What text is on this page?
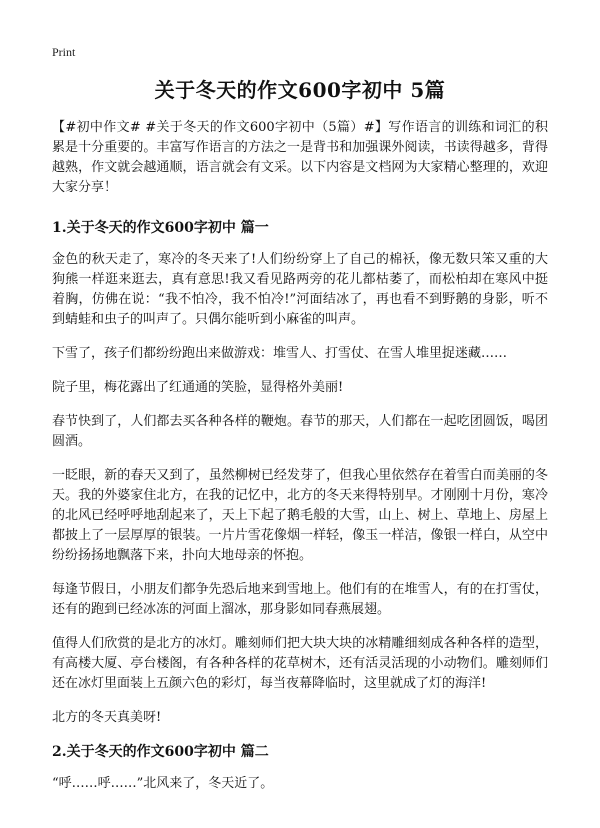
Print
关于冬天的作文600字初中 5篇

【#初中作文# #关于冬天的作文600字初中（5篇）#】写作语言的训练和词汇的积累是十分重要的。丰富写作语言的方法之一是背书和加强课外阅读，书读得越多，背得越熟，作文就会越通顺，语言就会有文采。以下内容是文档网为大家精心整理的，欢迎大家分享！

1.关于冬天的作文600字初中 篇一

金色的秋天走了，寒冷的冬天来了!人们纷纷穿上了自己的棉袄，像无数只笨又重的大狗熊一样逛来逛去，真有意思!我又看见路两旁的花儿都枯萎了，而松柏却在寒风中挺着胸，仿佛在说：“我不怕冷，我不怕冷!”河面结冰了，再也看不到野鹅的身影，听不到蜻蛙和虫子的叫声了。只偶尔能听到小麻雀的叫声。

下雪了，孩子们都纷纷跑出来做游戏：堆雪人、打雪仗、在雪人堆里捉迷藏……

院子里，梅花露出了红通通的笑脸，显得格外美丽!

春节快到了，人们都去买各种各样的鞭炮。春节的那天，人们都在一起吃团圆饭，喝团圆酒。

一眨眼，新的春天又到了，虽然柳树已经发芽了，但我心里依然存在着雪白而美丽的冬天。我的外婆家住北方，在我的记忆中，北方的冬天来得特别早。才刚刚十月份，寒冷的北风已经呼呼地刮起来了，天上下起了鹅毛般的大雪，山上、树上、草地上、房屋上都披上了一层厚厚的银装。一片片雪花像烟一样轻，像玉一样洁，像银一样白，从空中纷纷扬扬地飘落下来，扑向大地母亲的怀抱。

每逢节假日，小朋友们都争先恐后地来到雪地上。他们有的在堆雪人，有的在打雪仗，还有的跑到已经冰冻的河面上溜冰，那身影如同春燕展翅。

值得人们欣赏的是北方的冰灯。雕刻师们把大块大块的冰精雕细刻成各种各样的造型，有高楼大厦、亭台楼阁，有各种各样的花草树木，还有活灵活现的小动物们。雕刻师们还在冰灯里面装上五颜六色的彩灯，每当夜幕降临时，这里就成了灯的海洋!

北方的冬天真美呀!

2.关于冬天的作文600字初中 篇二

“呼……呼……”北风来了，冬天近了。
